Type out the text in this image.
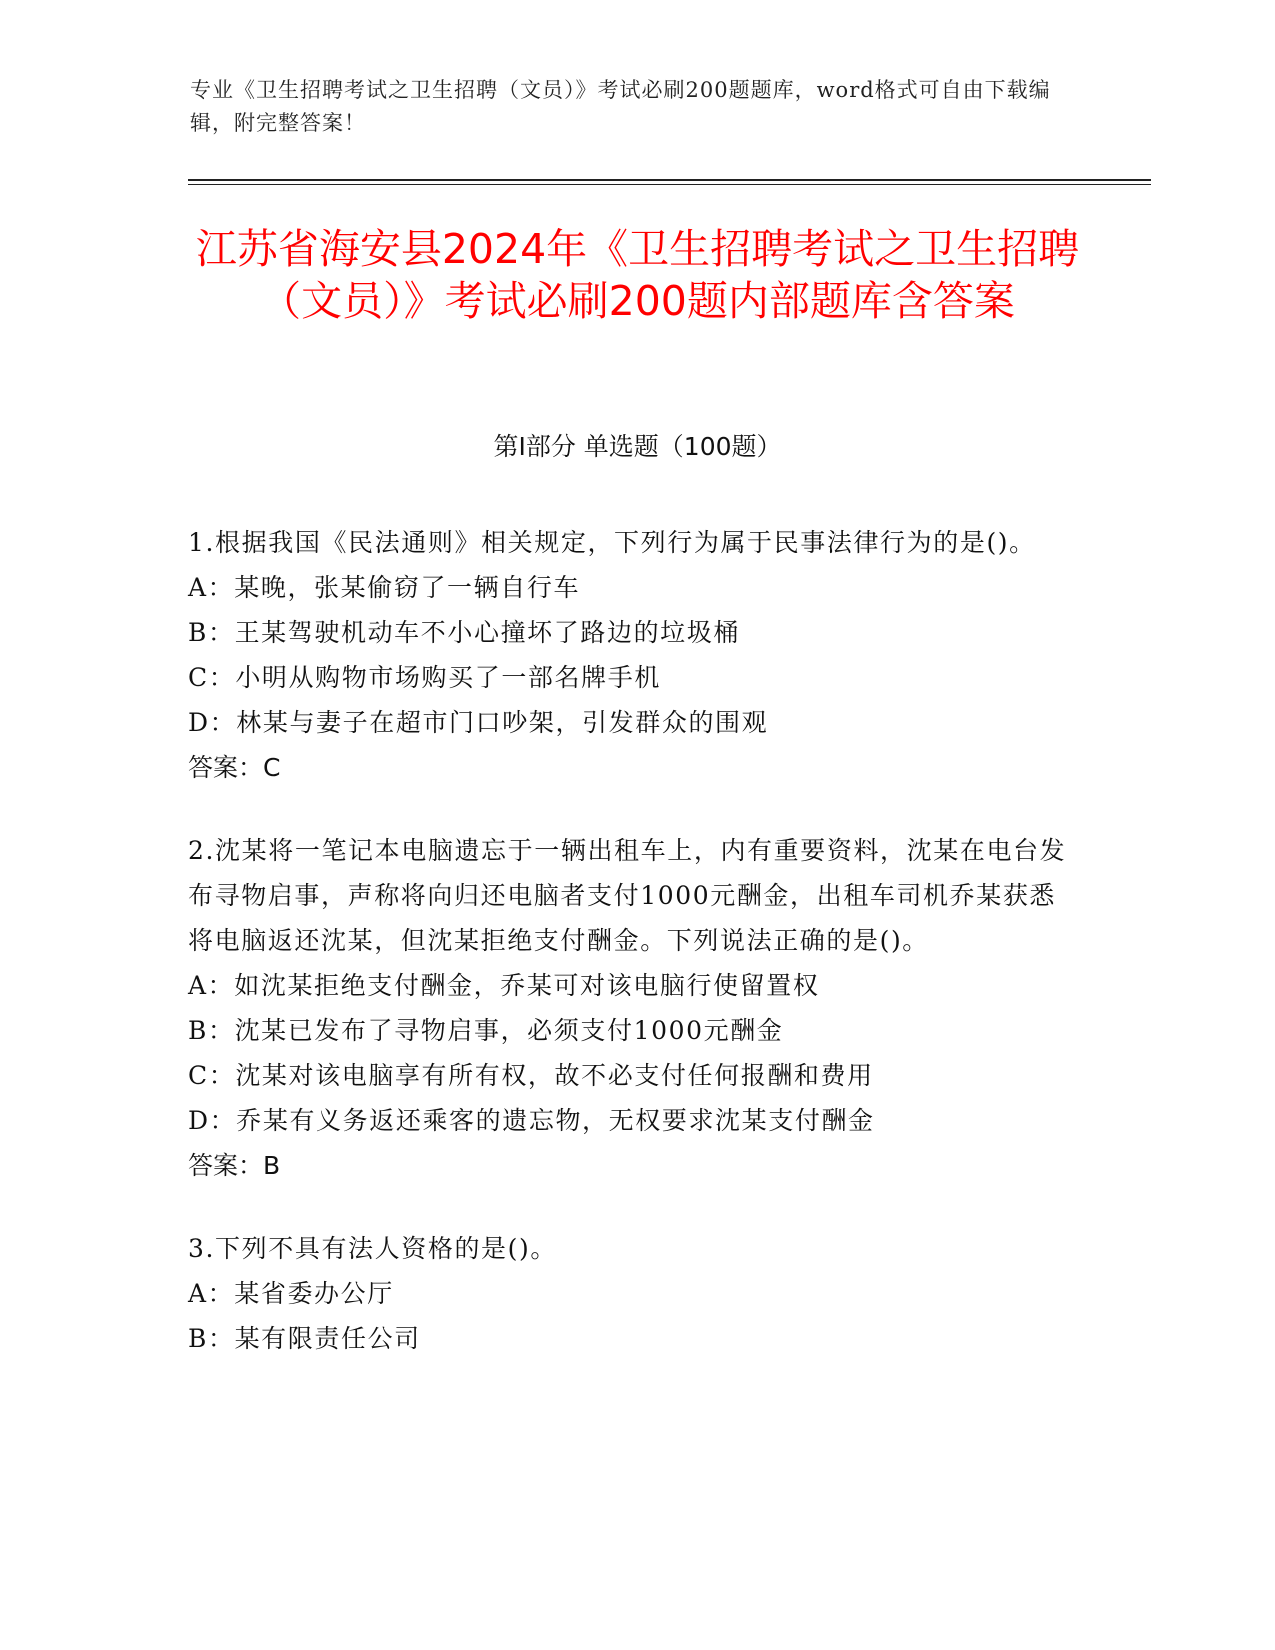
专业《卫生招聘考试之卫生招聘（文员）》考试必刷200题题库，word格式可自由下载编辑，附完整答案！
江苏省海安县2024年《卫生招聘考试之卫生招聘（文员）》考试必刷200题内部题库含答案
第I部分 单选题（100题）
1.根据我国《民法通则》相关规定，下列行为属于民事法律行为的是()。
A：某晚，张某偷窃了一辆自行车
B：王某驾驶机动车不小心撞坏了路边的垃圾桶
C：小明从购物市场购买了一部名牌手机
D：林某与妻子在超市门口吵架，引发群众的围观
答案：C
2.沈某将一笔记本电脑遗忘于一辆出租车上，内有重要资料，沈某在电台发布寻物启事，声称将向归还电脑者支付1000元酬金，出租车司机乔某获悉将电脑返还沈某，但沈某拒绝支付酬金。下列说法正确的是()。
A：如沈某拒绝支付酬金，乔某可对该电脑行使留置权
B：沈某已发布了寻物启事，必须支付1000元酬金
C：沈某对该电脑享有所有权，故不必支付任何报酬和费用
D：乔某有义务返还乘客的遗忘物，无权要求沈某支付酬金
答案：B
3.下列不具有法人资格的是()。
A：某省委办公厅
B：某有限责任公司
